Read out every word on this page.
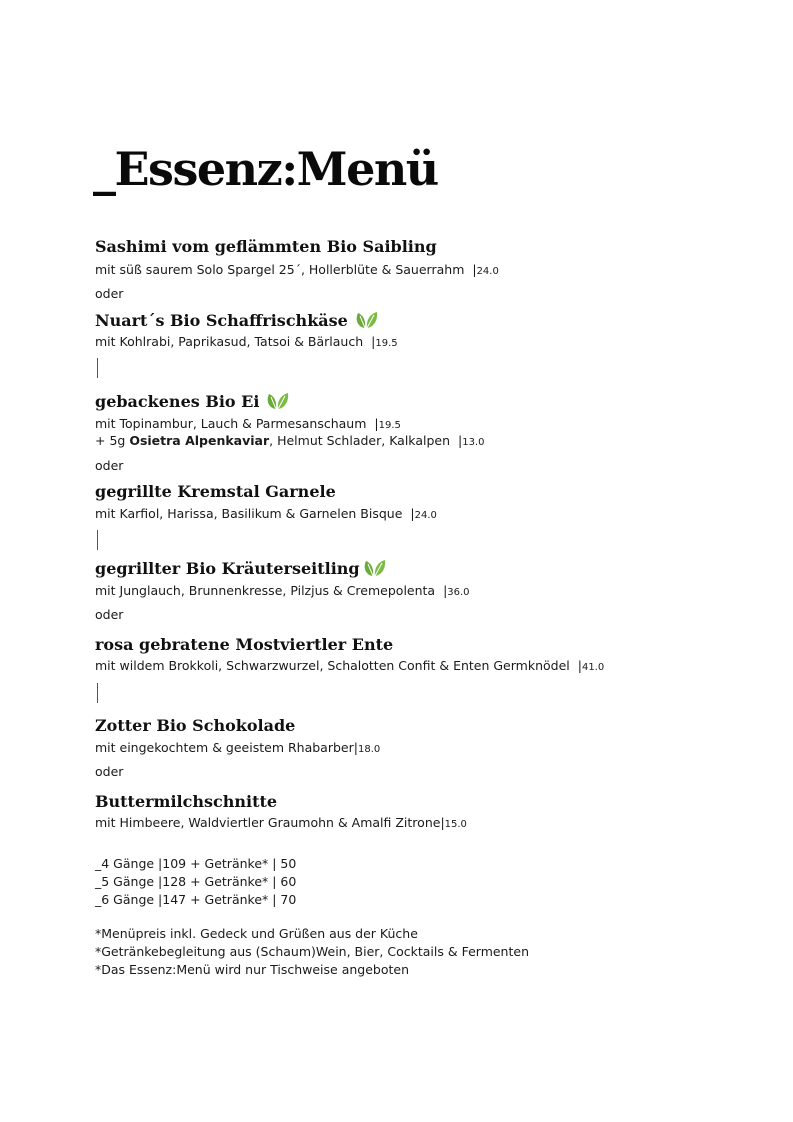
_Essenz:Menü
Sashimi vom geflämmten Bio Saibling
mit süß saurem Solo Spargel 25´, Hollerblüte & Sauerrahm |24.0
oder
Nuart´s Bio Schaffrischkäse
mit Kohlrabi, Paprikasud, Tatsoi & Bärlauch |19.5
gebackenes Bio Ei
mit Topinambur, Lauch & Parmesanschaum |19.5
+ 5g Osietra Alpenkaviar, Helmut Schlader, Kalkalpen |13.0
oder
gegrillte Kremstal Garnele
mit Karfiol, Harissa, Basilikum & Garnelen Bisque |24.0
gegrillter Bio Kräuterseitling
mit Junglauch, Brunnenkresse, Pilzjus & Cremepolenta |36.0
oder
rosa gebratene Mostviertler Ente
mit wildem Brokkoli, Schwarzwurzel, Schalotten Confit & Enten Germknödel |41.0
Zotter Bio Schokolade
mit eingekochtem & geeistem Rhabarber|18.0
oder
Buttermilchschnitte
mit Himbeere, Waldviertler Graumohn & Amalfi Zitrone|15.0
_4 Gänge |109 + Getränke* | 50
_5 Gänge |128 + Getränke* | 60
_6 Gänge |147 + Getränke* | 70
*Menüpreis inkl. Gedeck und Grüßen aus der Küche
*Getränkebegleitung aus (Schaum)Wein, Bier, Cocktails & Fermenten
*Das Essenz:Menü wird nur Tischweise angeboten
